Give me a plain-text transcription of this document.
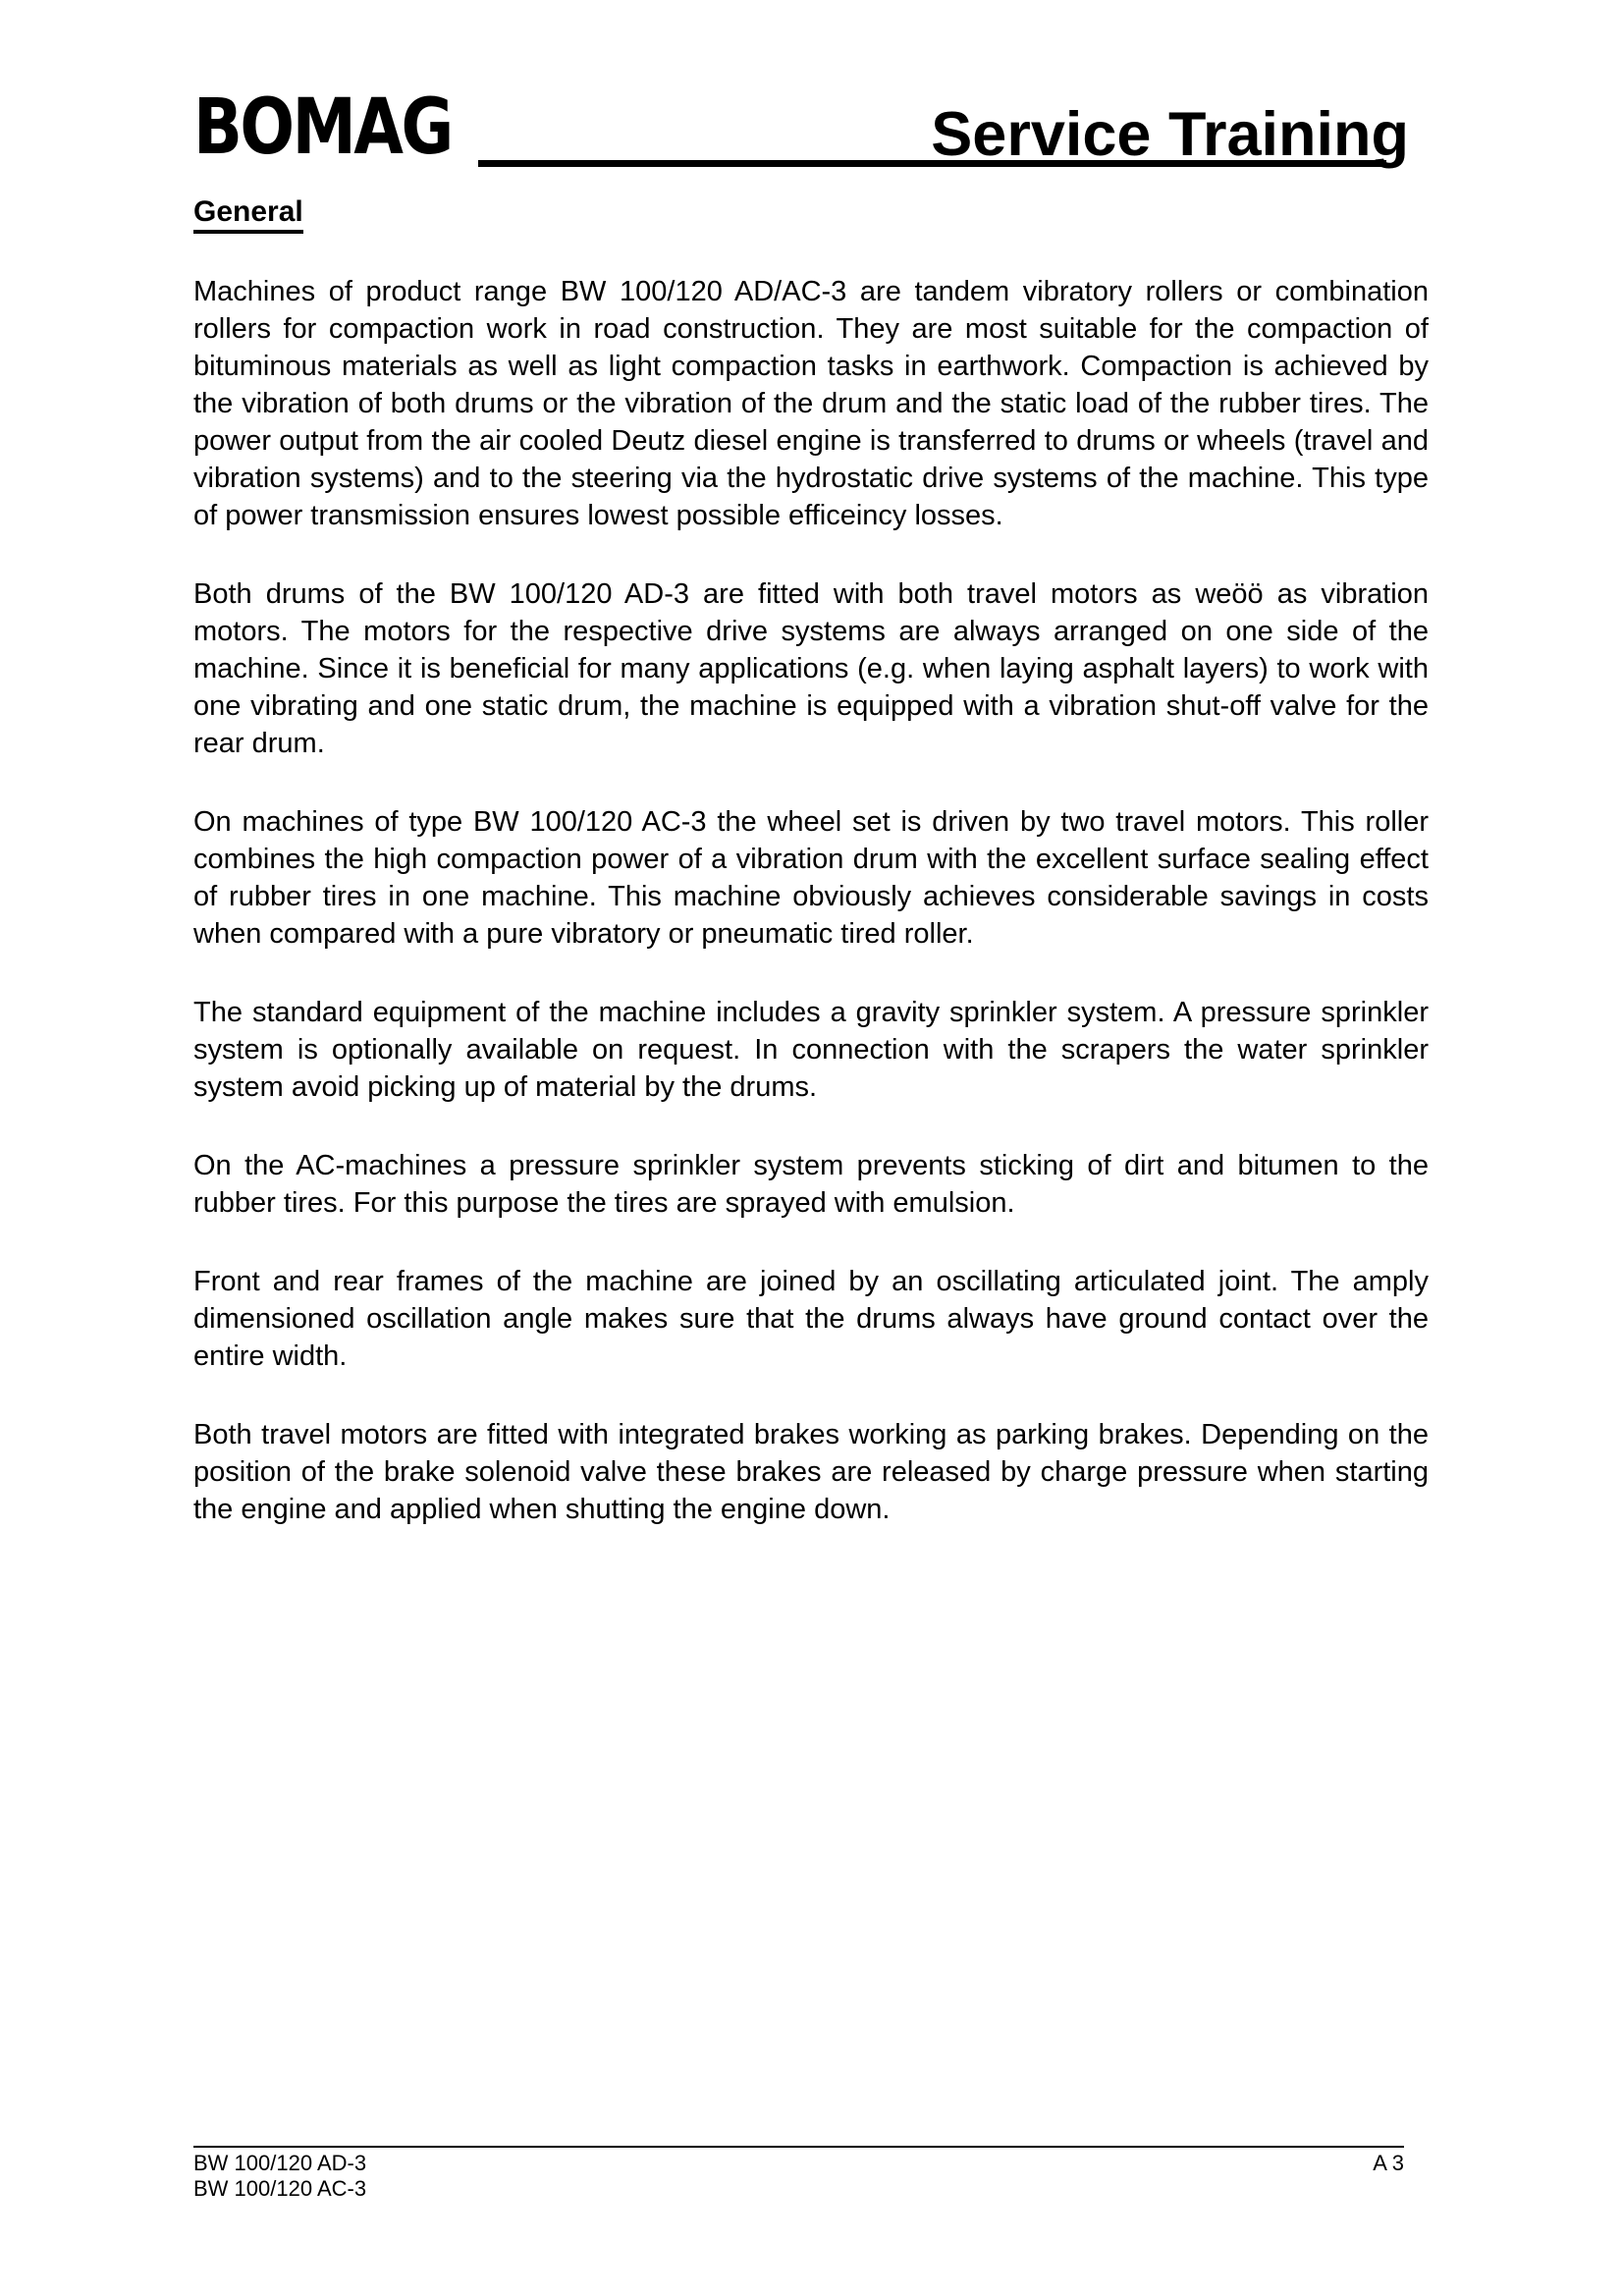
BOMAG	Service Training
General

Machines of product range BW 100/120 AD/AC-3 are tandem vibratory rollers or combination rollers for compaction work in road construction. They are most suitable for the compaction of bituminous materials as well as light compaction tasks in earthwork. Compaction is achieved by the vibration of both drums or the vibration of the drum and the static load of the rubber tires. The power output from the air cooled Deutz diesel engine is transferred to drums or wheels (travel and vibration systems) and to the steering via the hydrostatic drive systems of the machine. This type of power transmission ensures lowest possible efficeincy losses.

Both drums of the BW 100/120 AD-3 are fitted with both travel motors as weöö as vibration motors. The motors for the respective drive systems are always arranged on one side of the machine. Since it is beneficial for many applications (e.g. when laying asphalt layers) to work with one vibrating and one static drum, the machine is equipped with a vibration shut-off valve for the rear drum.

On machines of type BW 100/120 AC-3 the wheel set is driven by two travel motors. This roller combines the high compaction power of a vibration drum with the excellent surface sealing effect of rubber tires in one machine. This machine obviously achieves considerable savings in costs when compared with a pure vibratory or pneumatic tired roller.

The standard equipment of the machine includes a gravity sprinkler system. A pressure sprinkler system is optionally available on request. In connection with the scrapers the water sprinkler system avoid picking up of material by the drums.

On the AC-machines a pressure sprinkler system prevents sticking of dirt and bitumen to the rubber tires. For this purpose the tires are sprayed with emulsion.

Front and rear frames of the machine are joined by an oscillating articulated joint. The amply dimensioned oscillation angle makes sure that the drums always have ground contact over the entire width.

Both travel motors are fitted with integrated brakes working as parking brakes. Depending on the position of the brake solenoid valve these brakes are released by charge pressure when starting the engine and applied when shutting the engine down.

BW 100/120 AD-3
BW 100/120 AC-3
A 3
